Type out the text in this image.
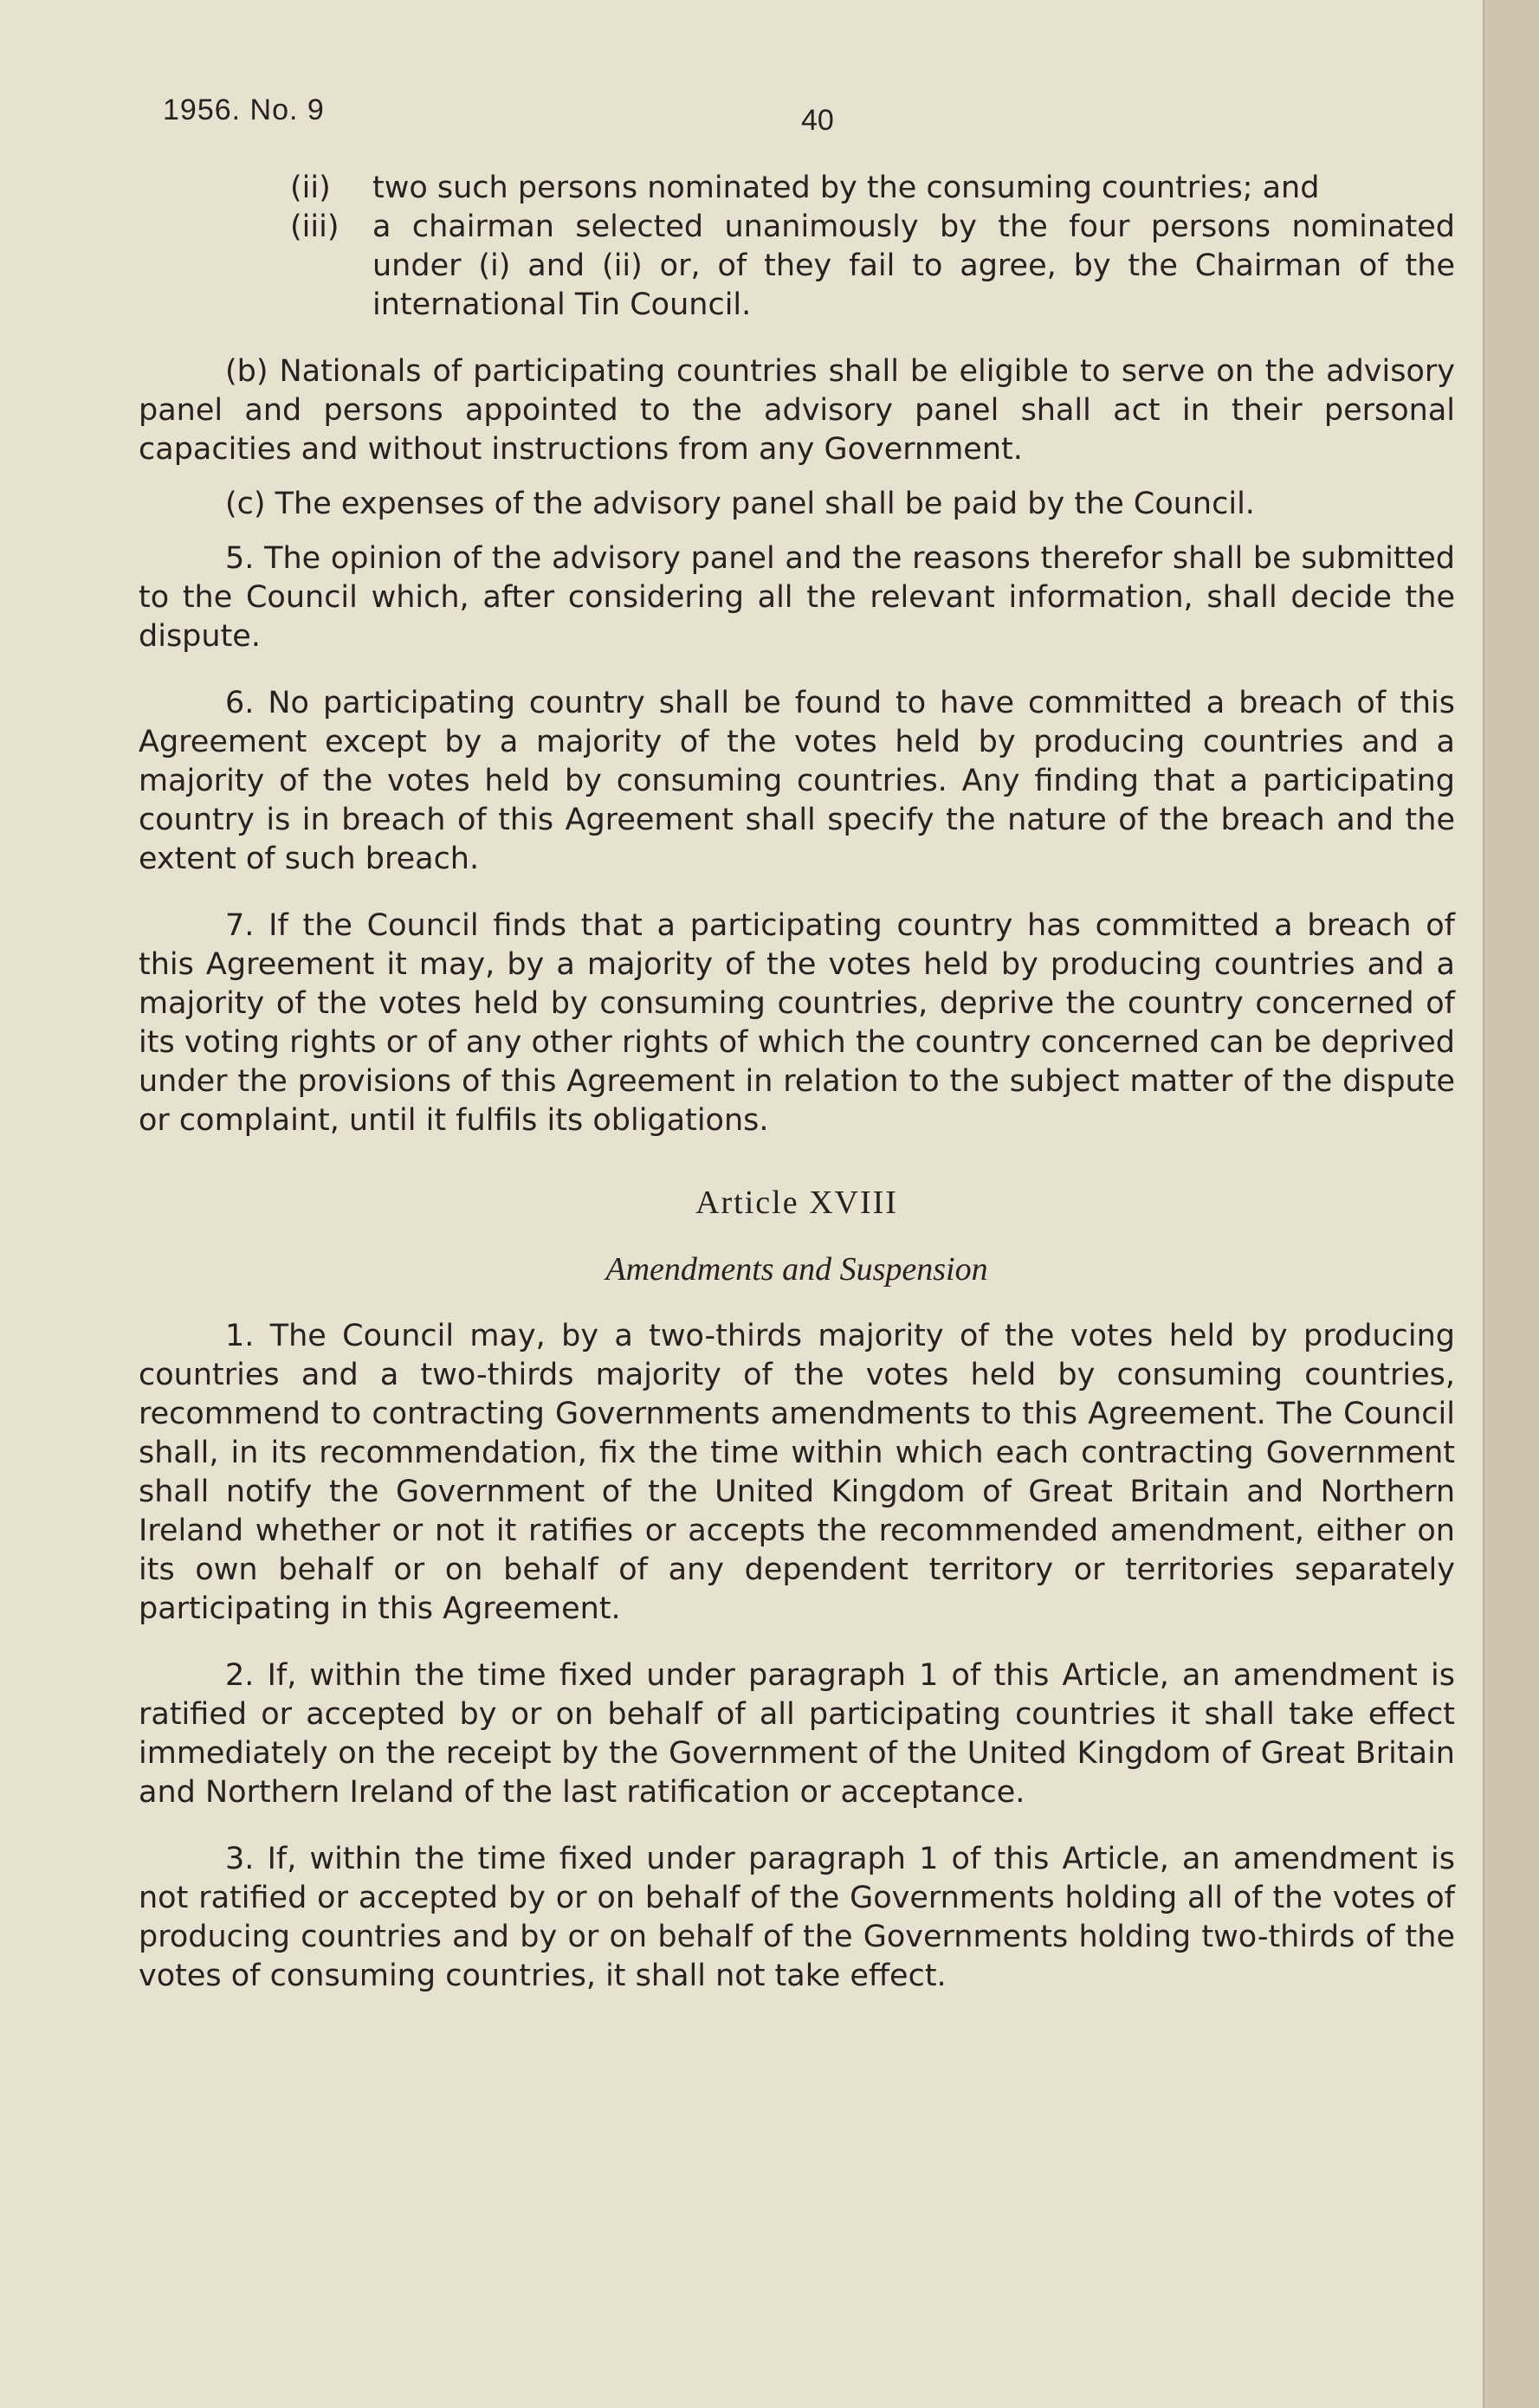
1956. No. 9	40
(ii) two such persons nominated by the consuming countries; and
(iii) a chairman selected unanimously by the four persons nominated under (i) and (ii) or, of they fail to agree, by the Chairman of the international Tin Council.

(b) Nationals of participating countries shall be eligible to serve on the advisory panel and persons appointed to the advisory panel shall act in their personal capacities and without instructions from any Government.

(c) The expenses of the advisory panel shall be paid by the Council.

5. The opinion of the advisory panel and the reasons therefor shall be submitted to the Council which, after considering all the relevant information, shall decide the dispute.

6. No participating country shall be found to have committed a breach of this Agreement except by a majority of the votes held by producing countries and a majority of the votes held by consuming countries. Any finding that a participating country is in breach of this Agreement shall specify the nature of the breach and the extent of such breach.

7. If the Council finds that a participating country has committed a breach of this Agreement it may, by a majority of the votes held by producing countries and a majority of the votes held by consuming countries, deprive the country concerned of its voting rights or of any other rights of which the country concerned can be deprived under the provisions of this Agreement in relation to the subject matter of the dispute or complaint, until it fulfils its obligations.

Article XVIII

Amendments and Suspension

1. The Council may, by a two-thirds majority of the votes held by producing countries and a two-thirds majority of the votes held by consuming countries, recommend to contracting Governments amendments to this Agreement. The Council shall, in its recommendation, fix the time within which each contracting Government shall notify the Government of the United Kingdom of Great Britain and Northern Ireland whether or not it ratifies or accepts the recommended amendment, either on its own behalf or on behalf of any dependent territory or territories separately participating in this Agreement.

2. If, within the time fixed under paragraph 1 of this Article, an amendment is ratified or accepted by or on behalf of all participating countries it shall take effect immediately on the receipt by the Government of the United Kingdom of Great Britain and Northern Ireland of the last ratification or acceptance.

3. If, within the time fixed under paragraph 1 of this Article, an amendment is not ratified or accepted by or on behalf of the Governments holding all of the votes of producing countries and by or on behalf of the Governments holding two-thirds of the votes of consuming countries, it shall not take effect.
